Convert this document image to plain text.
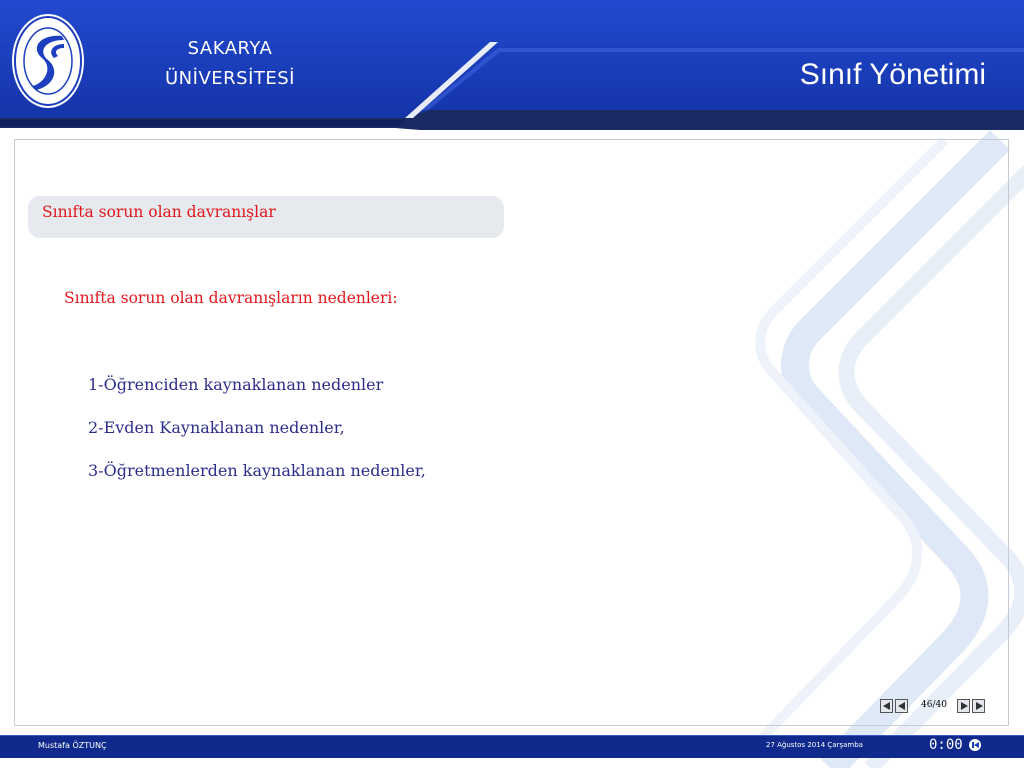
SAKARYA
ÜNİVERSİTESİ	Sınıf Yönetimi
Sınıfta sorun olan davranışlar
Sınıfta sorun olan davranışların nedenleri:
1-Öğrenciden kaynaklanan nedenler
2-Evden Kaynaklanan nedenler,
3-Öğretmenlerden kaynaklanan nedenler,
46/40
Mustafa ÖZTUNÇ	27 Ağustos 2014 Çarşamba	0:00
